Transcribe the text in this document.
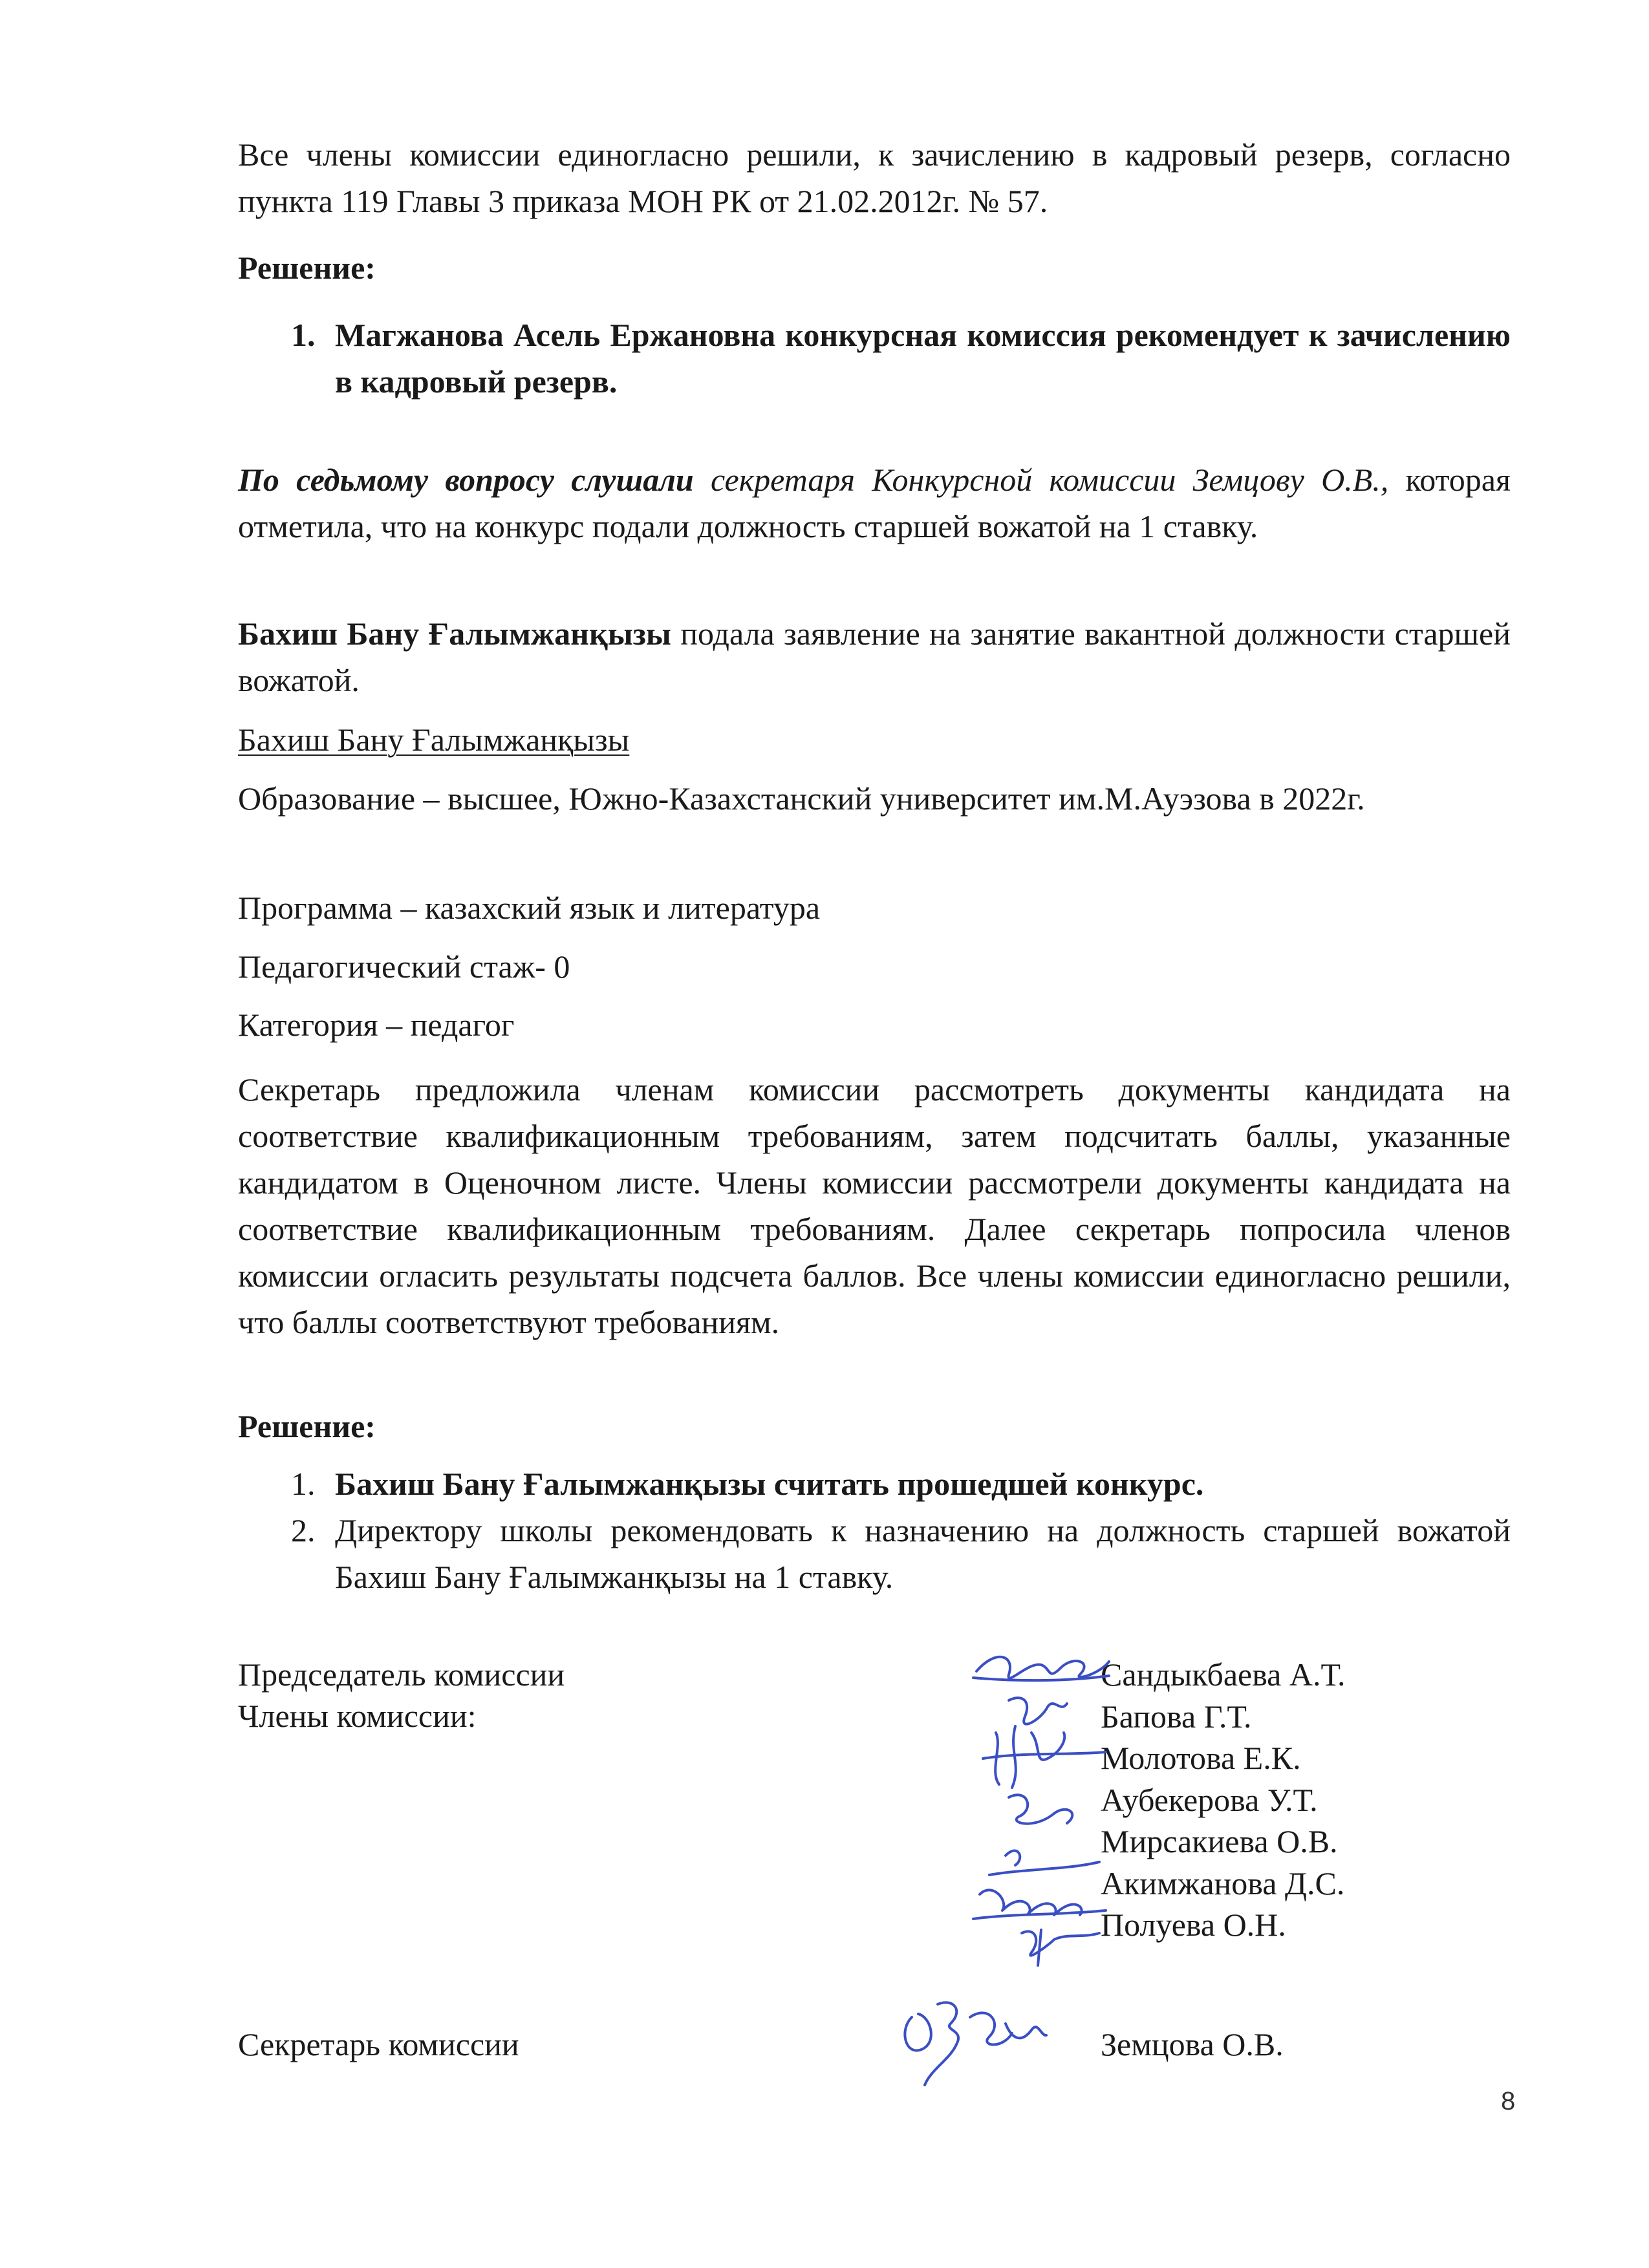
Все члены комиссии единогласно решили, к зачислению в кадровый резерв, согласно пункта 119 Главы 3 приказа МОН РК от 21.02.2012г. № 57.

Решение:

1. Магжанова Асель Ержановна конкурсная комиссия рекомендует к зачислению в кадровый резерв.

По седьмому вопросу слушали секретаря Конкурсной комиссии Земцову О.В., которая отметила, что на конкурс подали должность старшей вожатой на 1 ставку.

Бахиш Бану Ғалымжанқызы подала заявление на занятие вакантной должности старшей вожатой.

Бахиш Бану Ғалымжанқызы

Образование – высшее, Южно-Казахстанский университет им.М.Ауэзова в 2022г.

Программа – казахский язык и литература

Педагогический стаж- 0

Категория – педагог

Секретарь предложила членам комиссии рассмотреть документы кандидата на соответствие квалификационным требованиям, затем подсчитать баллы, указанные кандидатом в Оценочном листе. Члены комиссии рассмотрели документы кандидата на соответствие квалификационным требованиям. Далее секретарь попросила членов комиссии огласить результаты подсчета баллов. Все члены комиссии единогласно решили, что баллы соответствуют требованиям.

Решение:

1. Бахиш Бану Ғалымжанқызы считать прошедшей конкурс.
2. Директору школы рекомендовать к назначению на должность старшей вожатой Бахиш Бану Ғалымжанқызы на 1 ставку.

Председатель комиссии

Члены комиссии:

Сандыкбаева А.Т.
Бапова Г.Т.
Молотова Е.К.
Аубекерова У.Т.
Мирсакиева О.В.
Акимжанова Д.С.
Полуева О.Н.

Секретарь комиссии	Земцова О.В.

8
